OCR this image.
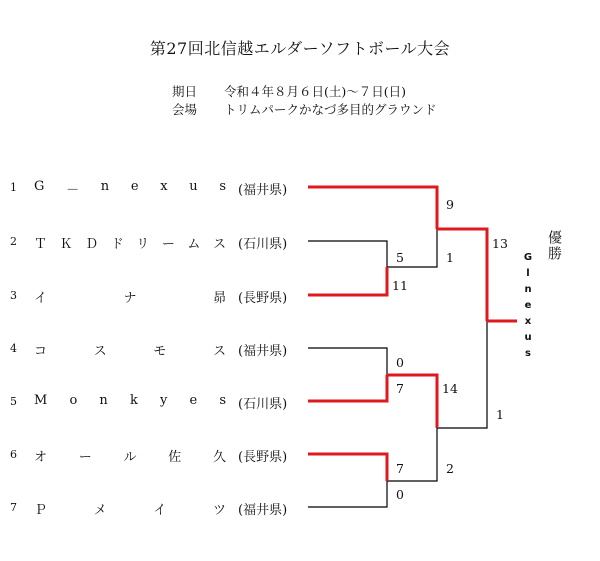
第27回北信越エルダーソフトボール大会
期日 令和４年８月６日(土)～７日(日)
会場 トリムパークかなづ多目的グラウンド
1 G － n e x u s (福井県)
2 Ｔ Ｋ Ｄ ド リ ー ム ス (石川県)
3 イ	ナ	昴 (長野県)
4 コ	ス	モ	ス (福井県)
5 M o n k y e s (石川県)
6 オ ー ル 佐 久 (長野県)
7 Ｐ	メ	イ	ツ (福井県)
5
11
0
7
7
0
9
1
14
2
13
1
優勝
G
l
n
e
x
u
s
